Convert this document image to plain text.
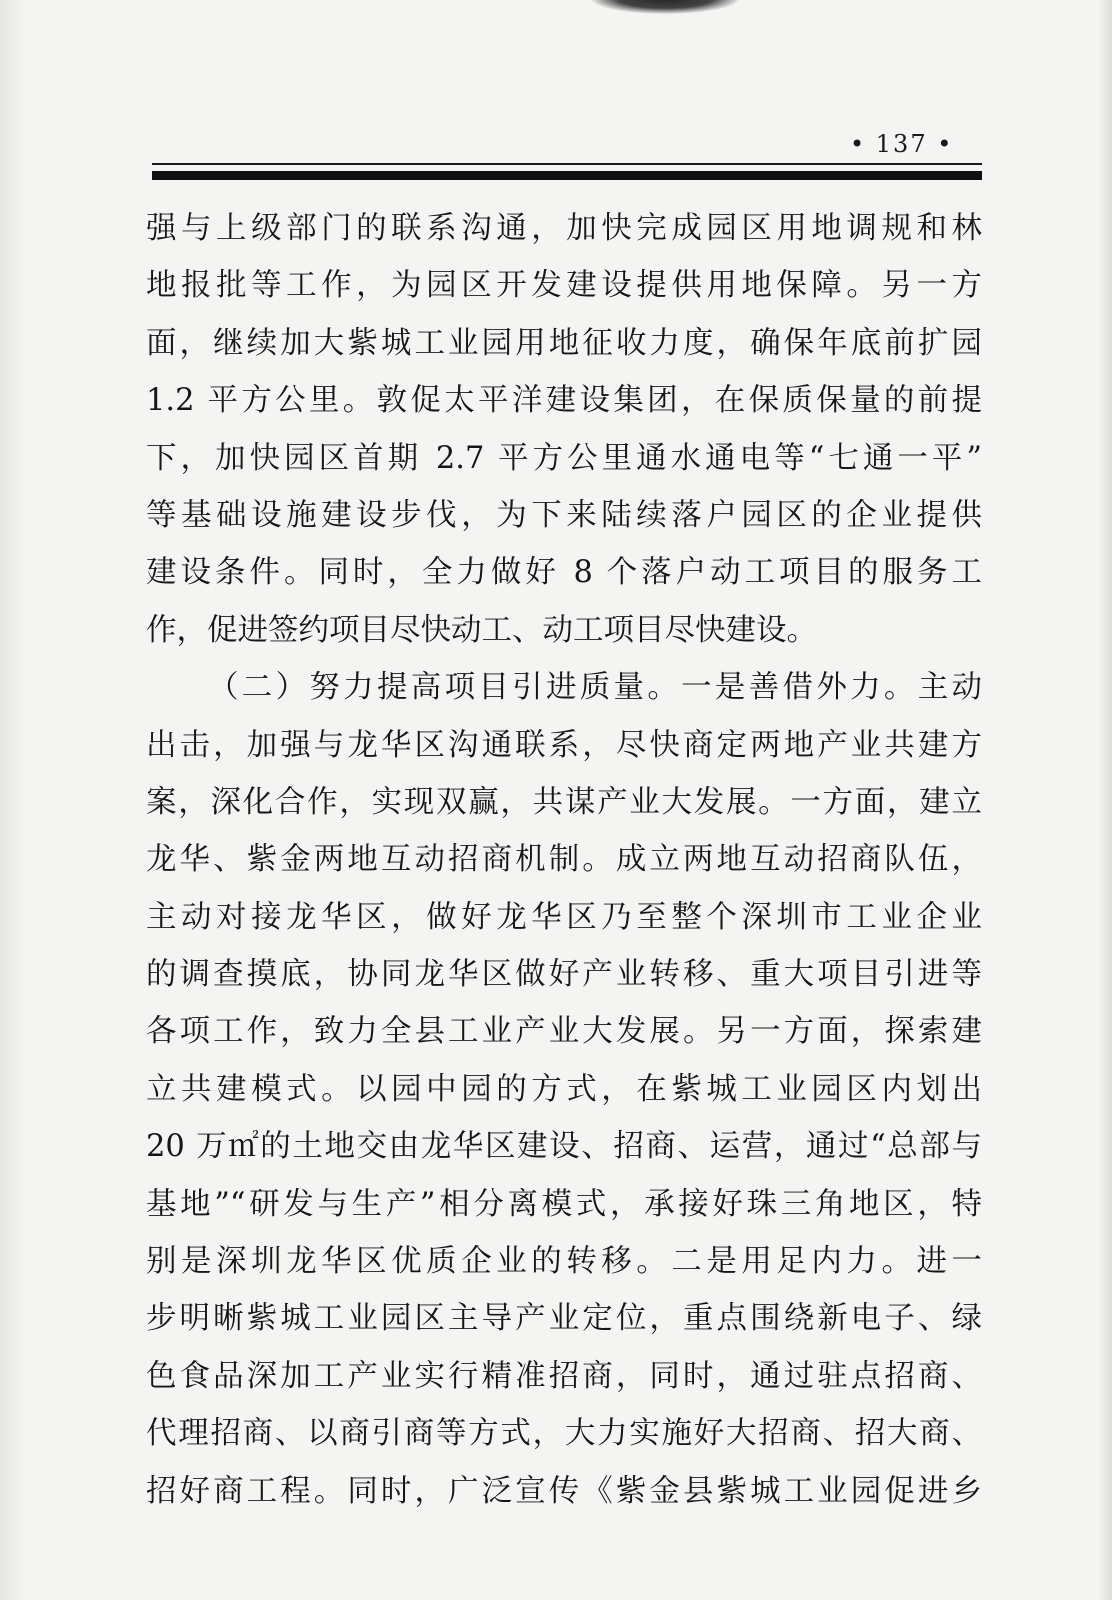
• 137 •
强与上级部门的联系沟通，加快完成园区用地调规和林
地报批等工作，为园区开发建设提供用地保障。另一方
面，继续加大紫城工业园用地征收力度，确保年底前扩园
1.2 平方公里。敦促太平洋建设集团，在保质保量的前提
下，加快园区首期 2.7 平方公里通水通电等“七通一平”
等基础设施建设步伐，为下来陆续落户园区的企业提供
建设条件。同时，全力做好 8 个落户动工项目的服务工
作，促进签约项目尽快动工、动工项目尽快建设。
（二）努力提高项目引进质量。一是善借外力。主动
出击，加强与龙华区沟通联系，尽快商定两地产业共建方
案，深化合作，实现双赢，共谋产业大发展。一方面，建立
龙华、紫金两地互动招商机制。成立两地互动招商队伍，
主动对接龙华区，做好龙华区乃至整个深圳市工业企业
的调查摸底，协同龙华区做好产业转移、重大项目引进等
各项工作，致力全县工业产业大发展。另一方面，探索建
立共建模式。以园中园的方式，在紫城工业园区内划出
20 万㎡的土地交由龙华区建设、招商、运营，通过“总部与
基地”“研发与生产”相分离模式，承接好珠三角地区，特
别是深圳龙华区优质企业的转移。二是用足内力。进一
步明晰紫城工业园区主导产业定位，重点围绕新电子、绿
色食品深加工产业实行精准招商，同时，通过驻点招商、
代理招商、以商引商等方式，大力实施好大招商、招大商、
招好商工程。同时，广泛宣传《紫金县紫城工业园促进乡
